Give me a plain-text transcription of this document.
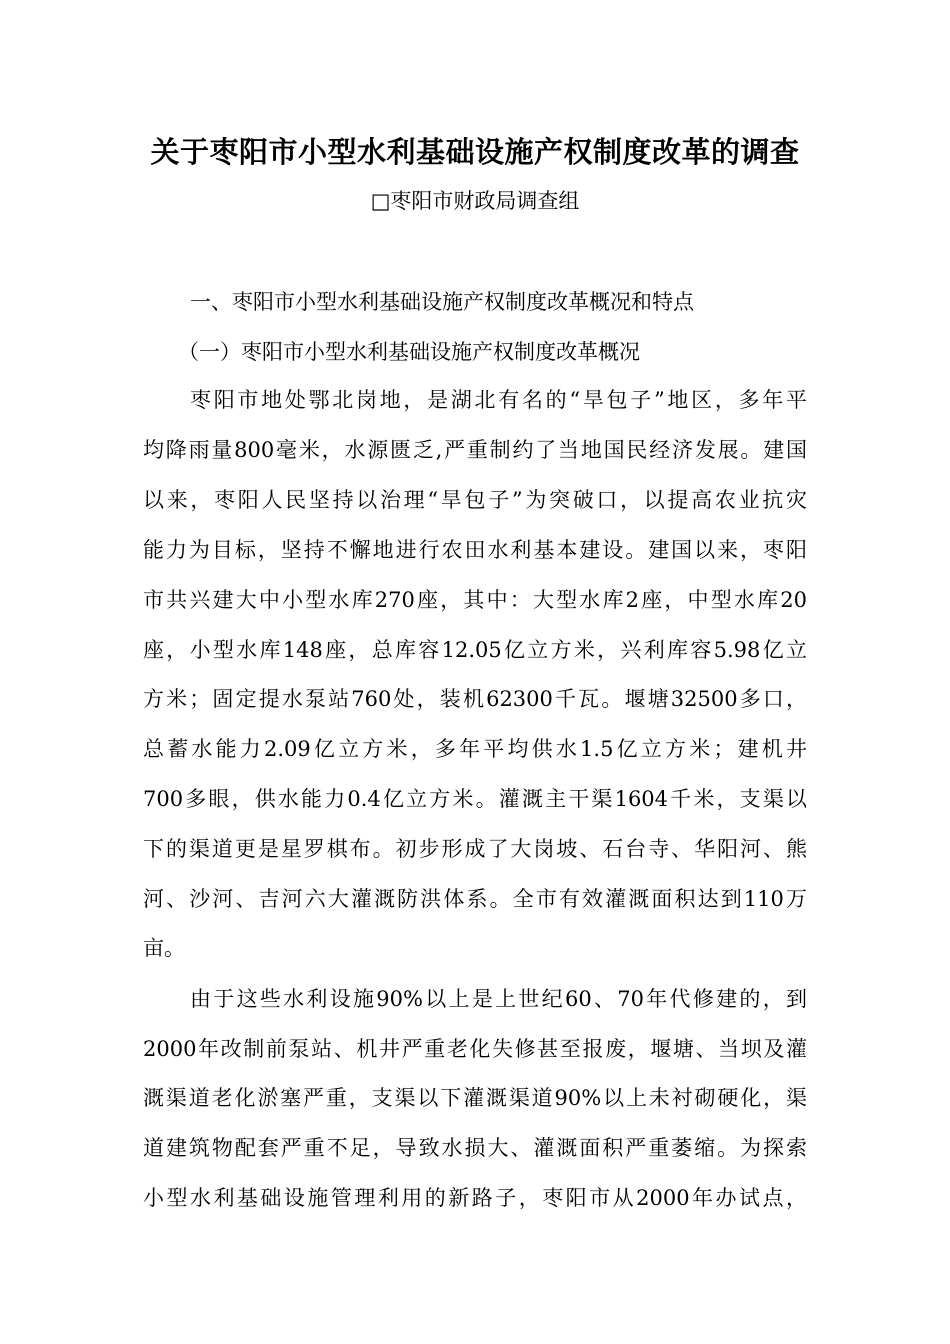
关于枣阳市小型水利基础设施产权制度改革的调查
□枣阳市财政局调查组
一、枣阳市小型水利基础设施产权制度改革概况和特点
（一）枣阳市小型水利基础设施产权制度改革概况
枣阳市地处鄂北岗地，是湖北有名的“旱包子”地区，多年平
均降雨量800毫米，水源匮乏,严重制约了当地国民经济发展。建国
以来，枣阳人民坚持以治理“旱包子”为突破口，以提高农业抗灾
能力为目标，坚持不懈地进行农田水利基本建设。建国以来，枣阳
市共兴建大中小型水库270座，其中：大型水库2座，中型水库20
座，小型水库148座，总库容12.05亿立方米，兴利库容5.98亿立
方米；固定提水泵站760处，装机62300千瓦。堰塘32500多口，
总蓄水能力2.09亿立方米，多年平均供水1.5亿立方米；建机井
700多眼，供水能力0.4亿立方米。灌溉主干渠1604千米，支渠以
下的渠道更是星罗棋布。初步形成了大岗坡、石台寺、华阳河、熊
河、沙河、吉河六大灌溉防洪体系。全市有效灌溉面积达到110万
亩。
由于这些水利设施90%以上是上世纪60、70年代修建的，到
2000年改制前泵站、机井严重老化失修甚至报废，堰塘、当坝及灌
溉渠道老化淤塞严重，支渠以下灌溉渠道90%以上未衬砌硬化，渠
道建筑物配套严重不足，导致水损大、灌溉面积严重萎缩。为探索
小型水利基础设施管理利用的新路子，枣阳市从2000年办试点，
